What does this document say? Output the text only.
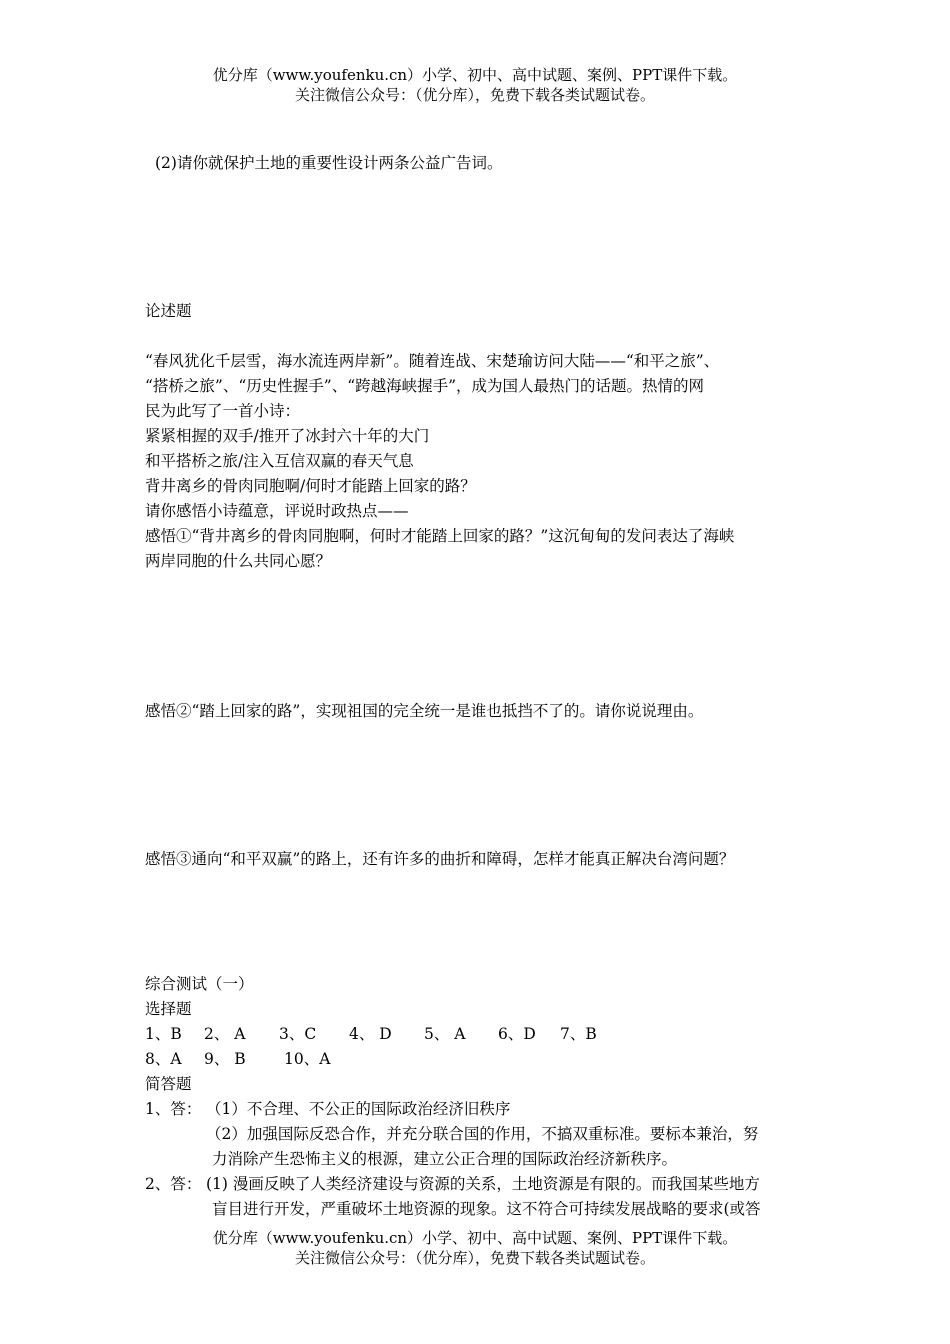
优分库（www.youfenku.cn）小学、初中、高中试题、案例、PPT课件下载。
关注微信公众号：（优分库），免费下载各类试题试卷。
(2)请你就保护土地的重要性设计两条公益广告词。
论述题
“春风犹化千层雪，海水流连两岸新”。随着连战、宋楚瑜访问大陆——“和平之旅”、
“搭桥之旅”、“历史性握手”、“跨越海峡握手”，成为国人最热门的话题。热情的网
民为此写了一首小诗：
紧紧相握的双手/推开了冰封六十年的大门
和平搭桥之旅/注入互信双赢的春天气息
背井离乡的骨肉同胞啊/何时才能踏上回家的路？
请你感悟小诗蕴意，评说时政热点——
感悟①“背井离乡的骨肉同胞啊，何时才能踏上回家的路？”这沉甸甸的发问表达了海峡
两岸同胞的什么共同心愿？
感悟②“踏上回家的路”，实现祖国的完全统一是谁也抵挡不了的。请你说说理由。
感悟③通向“和平双赢”的路上，还有许多的曲折和障碍，怎样才能真正解决台湾问题？
综合测试（一）
选择题
1、B 2、 A 3、C 4、 D 5、 A 6、D 7、B
8、A 9、 B 10、A
简答题
1、答： （1）不合理、不公正的国际政治经济旧秩序
（2）加强国际反恐合作，并充分联合国的作用，不搞双重标准。要标本兼治，努
力消除产生恐怖主义的根源，建立公正合理的国际政治经济新秩序。
2、答： (1) 漫画反映了人类经济建设与资源的关系，土地资源是有限的。而我国某些地方
盲目进行开发，严重破坏土地资源的现象。这不符合可持续发展战略的要求(或答
优分库（www.youfenku.cn）小学、初中、高中试题、案例、PPT课件下载。
关注微信公众号：（优分库），免费下载各类试题试卷。
